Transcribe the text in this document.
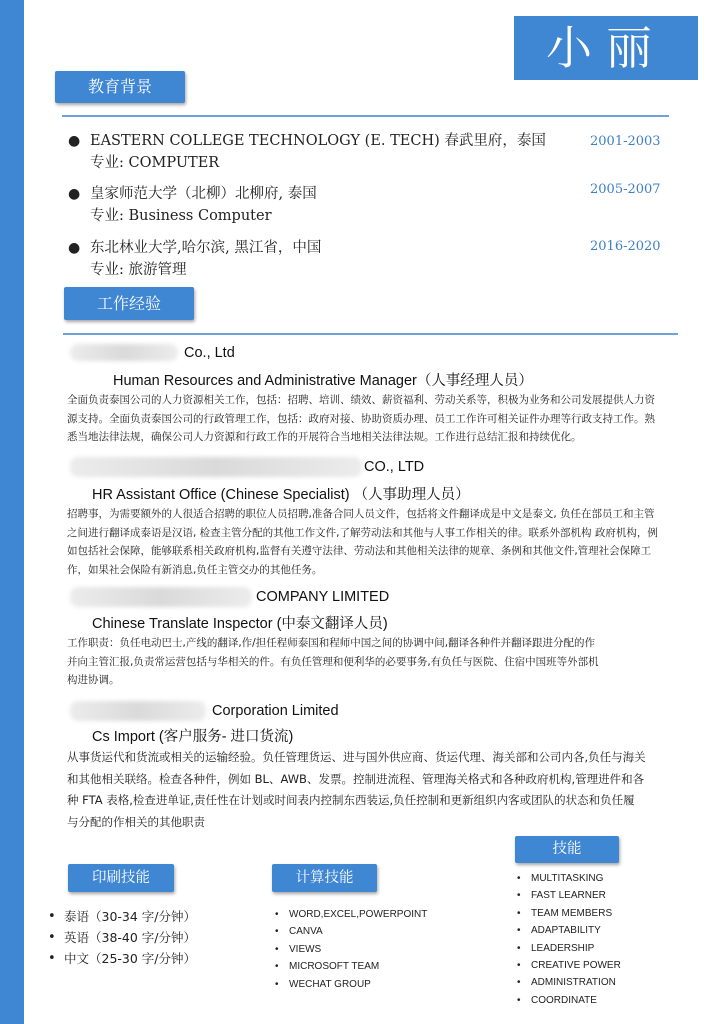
小丽
教育背景
● EASTERN COLLEGE TECHNOLOGY (E. TECH) 春武里府，泰国
专业: COMPUTER
2001-2003
● 皇家师范大学（北柳）北柳府, 泰国
专业: Business Computer
2005-2007
● 东北林业大学,哈尔滨, 黑江省，中国
专业: 旅游管理
2016-2020
工作经验
Co., Ltd
Human Resources and Administrative Manager（人事经理人员）
全面负责泰国公司的人力资源相关工作，包括：招聘、培训、绩效、薪资福利、劳动关系等，积极为业务和公司发展提供人力资
源支持。全面负责泰国公司的行政管理工作，包括：政府对接、协助资质办理、员工工作许可相关证件办理等行政支持工作。熟
悉当地法律法规，确保公司人力资源和行政工作的开展符合当地相关法律法规。工作进行总结汇报和持续优化。
CO., LTD
HR Assistant Office (Chinese Specialist) （人事助理人员）
招聘事，为需要额外的人很适合招聘的职位人员招聘,准备合同人员文件，包括将文件翻译成是中文是泰文, 负任在部员工和主管
之间进行翻译成泰语是汉语, 检查主管分配的其他工作文件,了解劳动法和其他与人事工作相关的律。联系外部机构 政府机构，例
如包括社会保障，能够联系相关政府机构,监督有关遵守法律、劳动法和其他相关法律的规章、条例和其他文件,管理社会保障工
作，如果社会保险有新消息,负任主管交办的其他任务。
COMPANY LIMITED
Chinese Translate Inspector (中泰文翻译人员)
工作职责：负任电动巴士,产线的翻译,作/担任程师泰国和程师中国之间的协调中间,翻译各种件并翻译跟进分配的作
并向主管汇报,负责常运营包括与华相关的件。有负任管理和便利华的必要事务,有负任与医院、住宿中国班等外部机
构进协调。
Corporation Limited
Cs Import (客户服务- 进口货流)
从事货运代和货流或相关的运输经验。负任管理货运、进与国外供应商、货运代理、海关部和公司内各,负任与海关
和其他相关联络。检查各种件，例如 BL、AWB、发票。控制进流程、管理海关格式和各种政府机构,管理进件和各
种 FTA 表格,检查进单证,责任性在计划或时间表内控制东西装运,负任控制和更新组织内客或团队的状态和负任履
与分配的作相关的其他职责
印刷技能
• 泰语（30-34 字/分钟）
• 英语（38-40 字/分钟）
• 中文（25-30 字/分钟）
计算技能
• WORD,EXCEL,POWERPOINT
• CANVA
• VIEWS
• MICROSOFT TEAM
• WECHAT GROUP
技能
• MULTITASKING
• FAST LEARNER
• TEAM MEMBERS
• ADAPTABILITY
• LEADERSHIP
• CREATIVE POWER
• ADMINISTRATION
• COORDINATE
